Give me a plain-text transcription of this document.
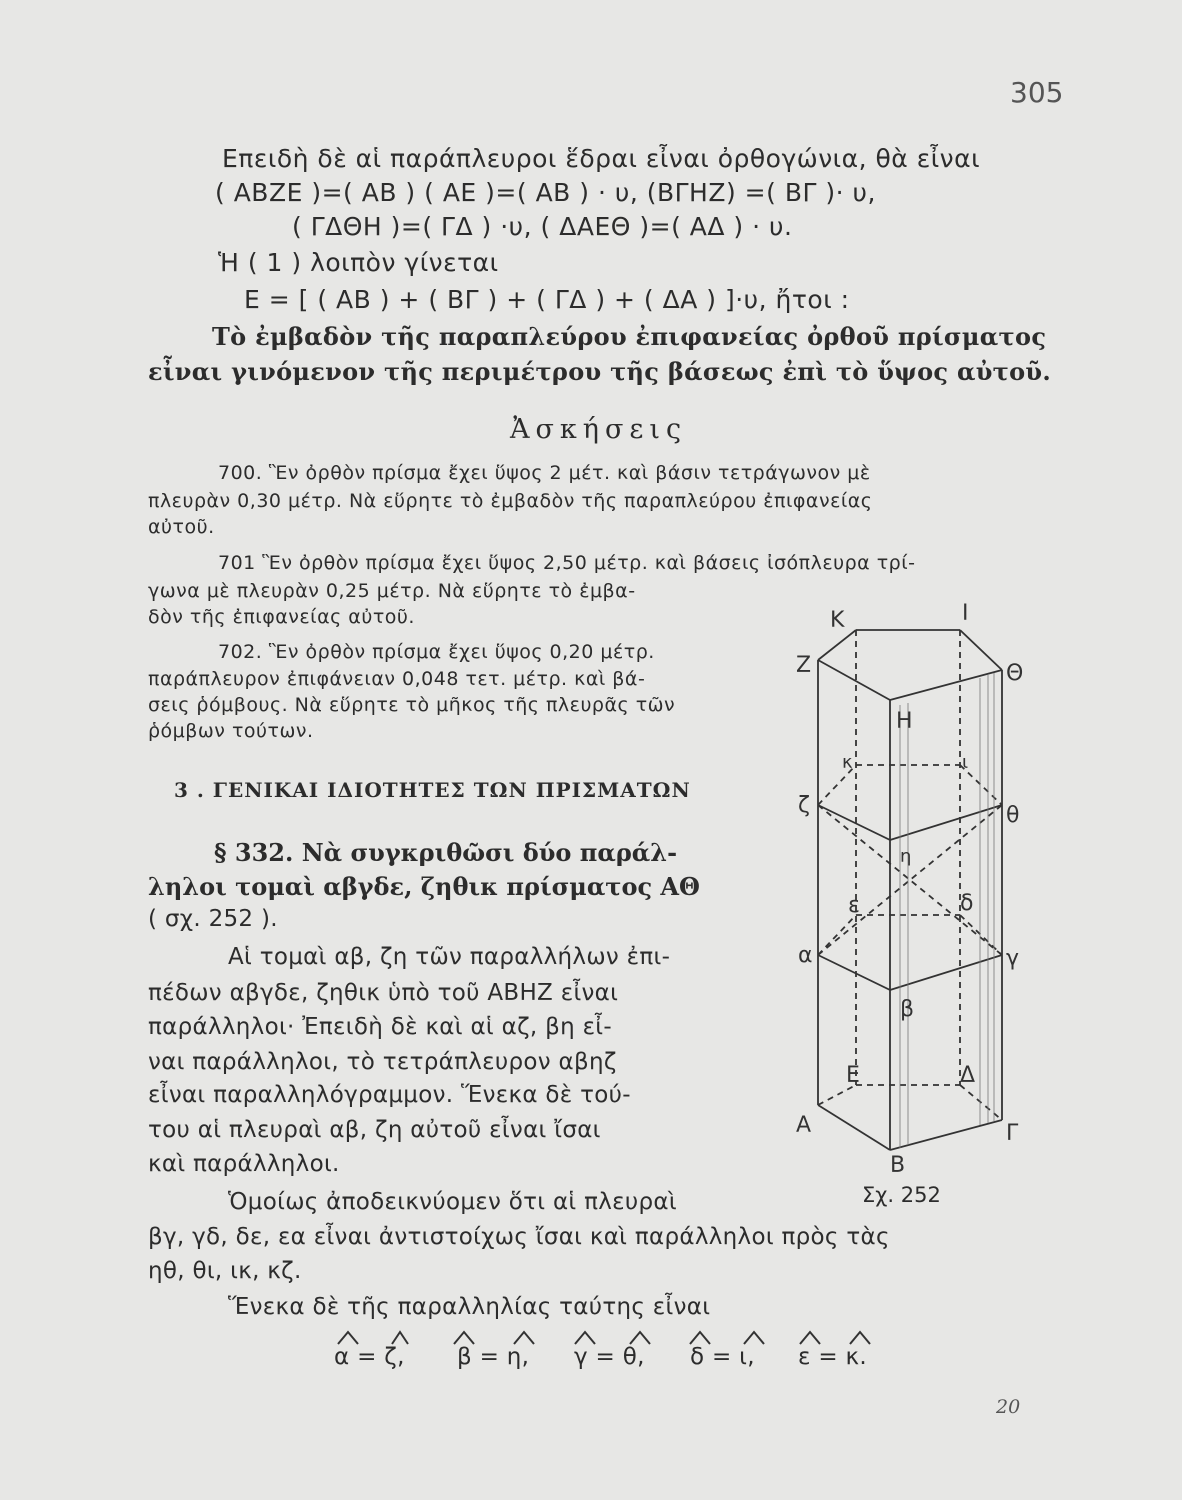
305
Επειδὴ δὲ αἱ παράπλευροι ἕδραι εἶναι ὀρθογώνια, θὰ εἶναι
( ΑΒΖΕ )=( ΑΒ ) ( ΑΕ )=( ΑΒ ) · υ, (ΒΓΗΖ) =( ΒΓ )· υ,
( ΓΔΘΗ )=( ΓΔ ) ·υ, ( ΔΑΕΘ )=( ΑΔ ) · υ.
Ἡ ( 1 ) λοιπὸν γίνεται
Ε = [ ( ΑΒ ) + ( ΒΓ ) + ( ΓΔ ) + ( ΔΑ ) ]·υ, ἤτοι :
Τὸ ἐμβαδὸν τῆς παραπλεύρου ἐπιφανείας ὀρθοῦ πρίσματος
εἶναι γινόμενον τῆς περιμέτρου τῆς βάσεως ἐπὶ τὸ ὕψος αὐτοῦ.
Ἀσκήσεις
700. Ἓν ὀρθὸν πρίσμα ἔχει ὕψος 2 μέτ. καὶ βάσιν τετράγωνον μὲ
πλευρὰν 0,30 μέτρ. Νὰ εὕρητε τὸ ἐμβαδὸν τῆς παραπλεύρου ἐπιφανείας
αὐτοῦ.
701 Ἓν ὀρθὸν πρίσμα ἔχει ὕψος 2,50 μέτρ. καὶ βάσεις ἰσόπλευρα τρί-
γωνα μὲ πλευρὰν 0,25 μέτρ. Νὰ εὕρητε τὸ ἐμβα-
δὸν τῆς ἐπιφανείας αὐτοῦ.
702. Ἓν ὀρθὸν πρίσμα ἔχει ὕψος 0,20 μέτρ.
παράπλευρον ἐπιφάνειαν 0,048 τετ. μέτρ. καὶ βά-
σεις ῥόμβους. Νὰ εὕρητε τὸ μῆκος τῆς πλευρᾶς τῶν
ῥόμβων τούτων.
3 . ΓΕΝΙΚΑΙ ΙΔΙΟΤΗΤΕΣ ΤΩΝ ΠΡΙΣΜΑΤΩΝ
§ 332. Νὰ συγκριθῶσι δύο παράλ-
ληλοι τομαὶ αβγδε, ζηθικ πρίσματος ΑΘ
( σχ. 252 ).
Αἱ τομαὶ αβ, ζη τῶν παραλλήλων ἐπι-
πέδων αβγδε, ζηθικ ὑπὸ τοῦ ΑΒΗΖ εἶναι
παράλληλοι· Ἐπειδὴ δὲ καὶ αἱ αζ, βη εἶ-
ναι παράλληλοι, τὸ τετράπλευρον αβηζ
εἶναι παραλληλόγραμμον. Ἕνεκα δὲ τού-
του αἱ πλευραὶ αβ, ζη αὐτοῦ εἶναι ἴσαι
καὶ παράλληλοι.
Ὁμοίως ἀποδεικνύομεν ὅτι αἱ πλευραὶ
βγ, γδ, δε, εα εἶναι ἀντιστοίχως ἴσαι καὶ παράλληλοι πρὸς τὰς
ηθ, θι, ικ, κζ.
Ἕνεκα δὲ τῆς παραλληλίας ταύτης εἶναι
α = ζ, β = η, γ = θ, δ = ι, ε = κ.
Κ	Ι
Ζ	Θ
Η
κ	ι
ζ	θ
η
ε	δ
α	γ
β
Ε	Δ
Α	Γ
Β
Σχ. 252
20
